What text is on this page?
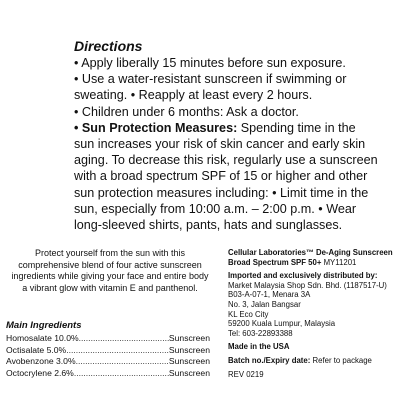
Directions
• Apply liberally 15 minutes before sun exposure.
• Use a water-resistant sunscreen if swimming or
sweating. • Reapply at least every 2 hours.
• Children under 6 months: Ask a doctor.
• Sun Protection Measures: Spending time in the
sun increases your risk of skin cancer and early skin
aging. To decrease this risk, regularly use a sunscreen
with a broad spectrum SPF of 15 or higher and other
sun protection measures including: • Limit time in the
sun, especially from 10:00 a.m. – 2:00 p.m. • Wear
long-sleeved shirts, pants, hats and sunglasses.
Protect yourself from the sun with this
comprehensive blend of four active sunscreen
ingredients while giving your face and entire body
a vibrant glow with vitamin E and panthenol.
Main Ingredients
Homosalate 10.0% .....	Sunscreen
Octisalate 5.0% .....	Sunscreen
Avobenzone 3.0% .....	Sunscreen
Octocrylene 2.6% .....	Sunscreen
Cellular Laboratories™ De-Aging Sunscreen
Broad Spectrum SPF 50+ MY11201
Imported and exclusively distributed by:
Market Malaysia Shop Sdn. Bhd. (1187517-U)
B03-A-07-1, Menara 3A
No. 3, Jalan Bangsar
KL Eco City
59200 Kuala Lumpur, Malaysia
Tel: 603-22893388
Made in the USA
Batch no./Expiry date: Refer to package
REV 0219
